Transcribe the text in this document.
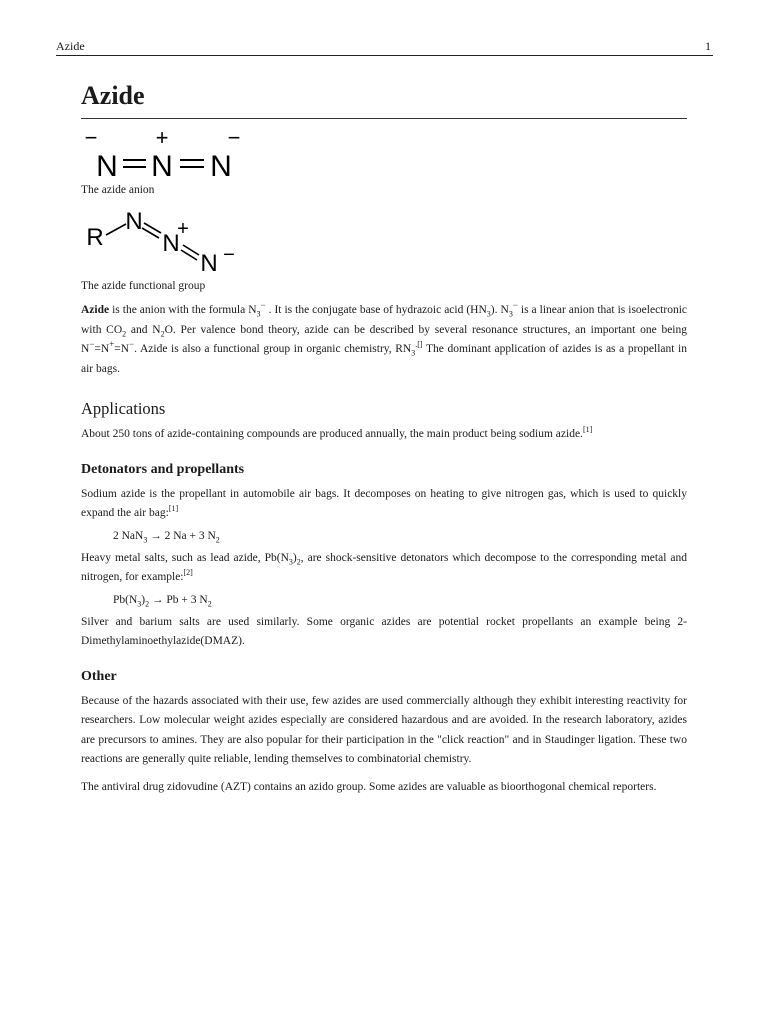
Azide	1
Azide
N N N
−	+	−

The azide anion

R
N
N
+
N −

The azide functional group

Azide is the anion with the formula $N_3^-$ . It is the conjugate base of hydrazoic acid $(HN_3)$. $N_3^-$ is a linear anion that is isoelectronic with $CO_2$ and $N_2O$. Per valence bond theory, azide can be described by several resonance structures, an important one being N−=N+=N−. Azide is also a functional group in organic chemistry, $RN_3^{.[]}$ The dominant application of azides is as a propellant in air bags.

Applications

About 250 tons of azide-containing compounds are produced annually, the main product being sodium azide.[1]

Detonators and propellants

Sodium azide is the propellant in automobile air bags. It decomposes on heating to give nitrogen gas, which is used to quickly expand the air bag:[1]

2 NaN$_3$ → 2 Na + 3 $N_2$

Heavy metal salts, such as lead azide, $Pb(N_3)_2$, are shock-sensitive detonators which decompose to the corresponding metal and nitrogen, for example:[2]

$Pb(N_3)_2 \to Pb + 3$ $N_2$

Silver and barium salts are used similarly. Some organic azides are potential rocket propellants an example being 2-Dimethylaminoethylazide(DMAZ).

Other

Because of the hazards associated with their use, few azides are used commercially although they exhibit interesting reactivity for researchers. Low molecular weight azides especially are considered hazardous and are avoided. In the research laboratory, azides are precursors to amines. They are also popular for their participation in the "click reaction" and in Staudinger ligation. These two reactions are generally quite reliable, lending themselves to combinatorial chemistry.

The antiviral drug zidovudine (AZT) contains an azido group. Some azides are valuable as bioorthogonal chemical reporters.
